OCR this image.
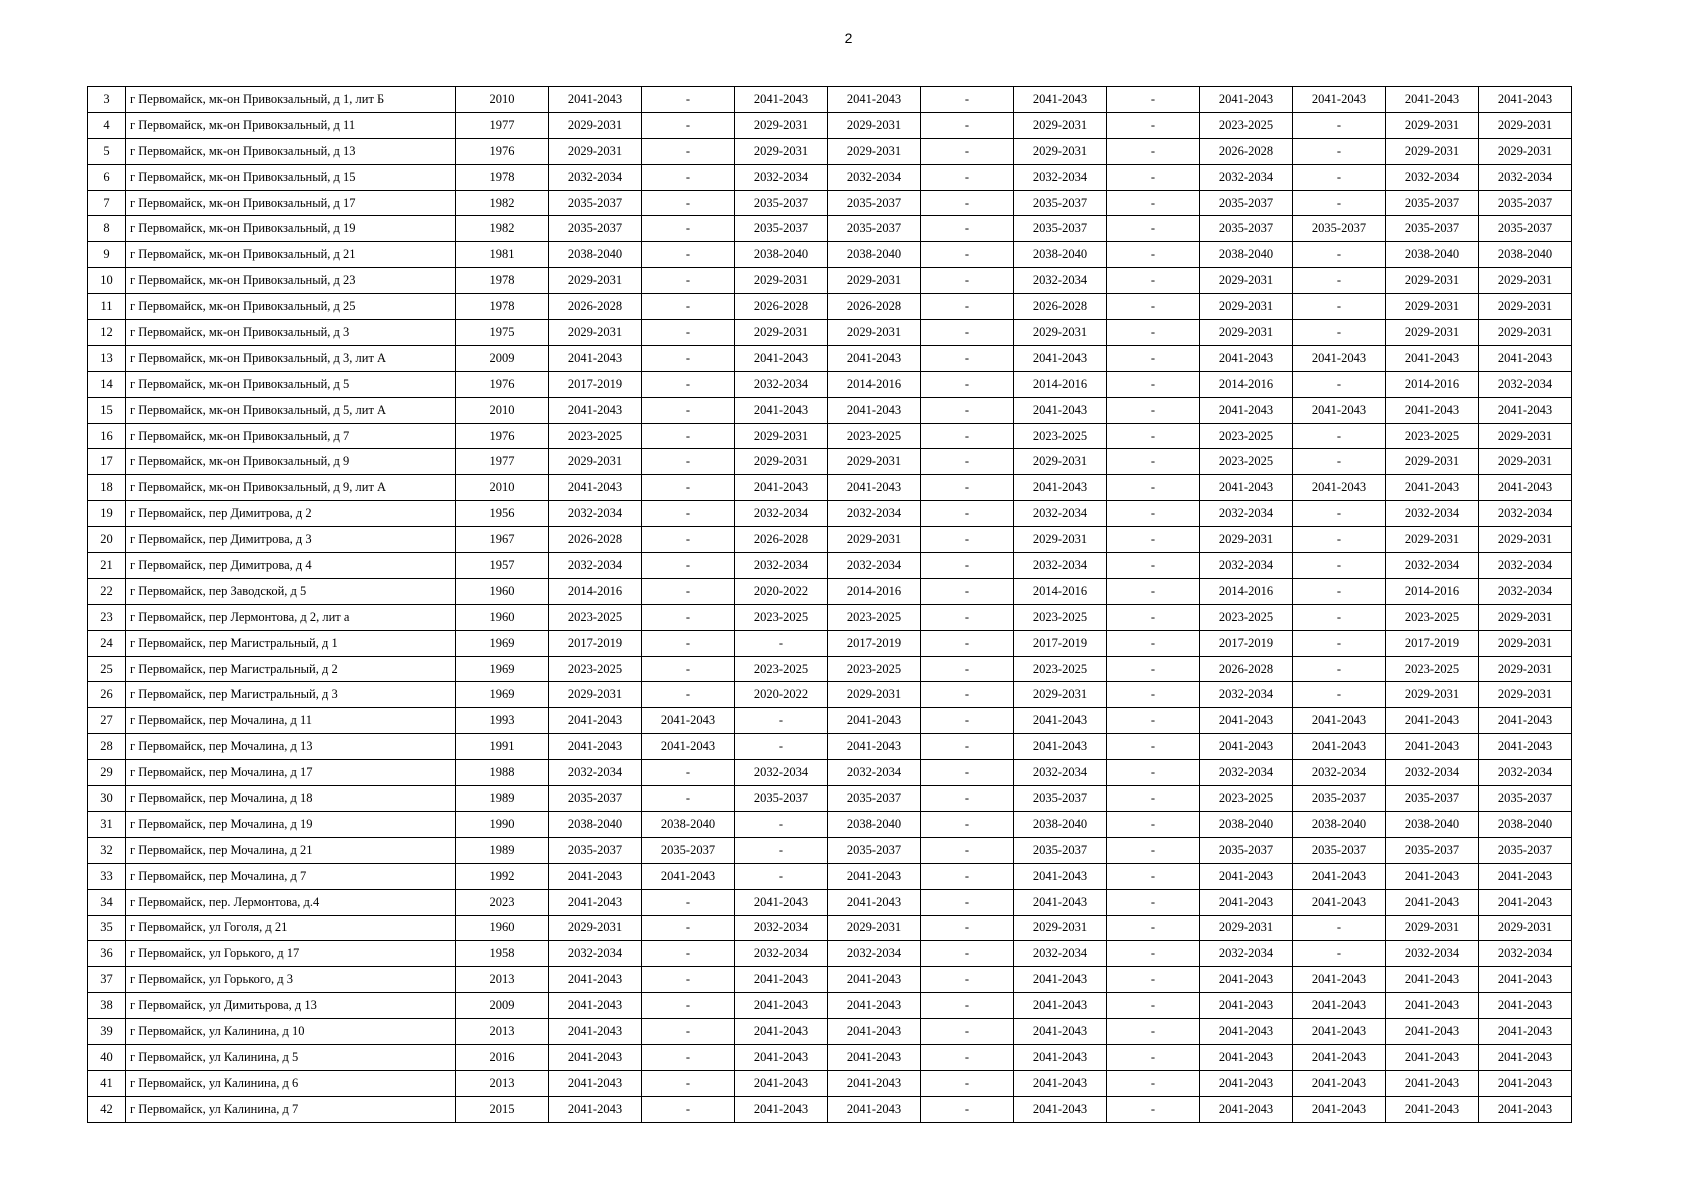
2
3	г Первомайск, мк-он Привокзальный, д 1, лит Б	2010	2041-2043	-	2041-2043	2041-2043	-	2041-2043	-	2041-2043	2041-2043	2041-2043	2041-2043
4	г Первомайск, мк-он Привокзальный, д 11	1977	2029-2031	-	2029-2031	2029-2031	-	2029-2031	-	2023-2025	-	2029-2031	2029-2031
5	г Первомайск, мк-он Привокзальный, д 13	1976	2029-2031	-	2029-2031	2029-2031	-	2029-2031	-	2026-2028	-	2029-2031	2029-2031
6	г Первомайск, мк-он Привокзальный, д 15	1978	2032-2034	-	2032-2034	2032-2034	-	2032-2034	-	2032-2034	-	2032-2034	2032-2034
7	г Первомайск, мк-он Привокзальный, д 17	1982	2035-2037	-	2035-2037	2035-2037	-	2035-2037	-	2035-2037	-	2035-2037	2035-2037
8	г Первомайск, мк-он Привокзальный, д 19	1982	2035-2037	-	2035-2037	2035-2037	-	2035-2037	-	2035-2037	2035-2037	2035-2037	2035-2037
9	г Первомайск, мк-он Привокзальный, д 21	1981	2038-2040	-	2038-2040	2038-2040	-	2038-2040	-	2038-2040	-	2038-2040	2038-2040
10	г Первомайск, мк-он Привокзальный, д 23	1978	2029-2031	-	2029-2031	2029-2031	-	2032-2034	-	2029-2031	-	2029-2031	2029-2031
11	г Первомайск, мк-он Привокзальный, д 25	1978	2026-2028	-	2026-2028	2026-2028	-	2026-2028	-	2029-2031	-	2029-2031	2029-2031
12	г Первомайск, мк-он Привокзальный, д 3	1975	2029-2031	-	2029-2031	2029-2031	-	2029-2031	-	2029-2031	-	2029-2031	2029-2031
13	г Первомайск, мк-он Привокзальный, д 3, лит А	2009	2041-2043	-	2041-2043	2041-2043	-	2041-2043	-	2041-2043	2041-2043	2041-2043	2041-2043
14	г Первомайск, мк-он Привокзальный, д 5	1976	2017-2019	-	2032-2034	2014-2016	-	2014-2016	-	2014-2016	-	2014-2016	2032-2034
15	г Первомайск, мк-он Привокзальный, д 5, лит А	2010	2041-2043	-	2041-2043	2041-2043	-	2041-2043	-	2041-2043	2041-2043	2041-2043	2041-2043
16	г Первомайск, мк-он Привокзальный, д 7	1976	2023-2025	-	2029-2031	2023-2025	-	2023-2025	-	2023-2025	-	2023-2025	2029-2031
17	г Первомайск, мк-он Привокзальный, д 9	1977	2029-2031	-	2029-2031	2029-2031	-	2029-2031	-	2023-2025	-	2029-2031	2029-2031
18	г Первомайск, мк-он Привокзальный, д 9, лит А	2010	2041-2043	-	2041-2043	2041-2043	-	2041-2043	-	2041-2043	2041-2043	2041-2043	2041-2043
19	г Первомайск, пер Димитрова, д 2	1956	2032-2034	-	2032-2034	2032-2034	-	2032-2034	-	2032-2034	-	2032-2034	2032-2034
20	г Первомайск, пер Димитрова, д 3	1967	2026-2028	-	2026-2028	2029-2031	-	2029-2031	-	2029-2031	-	2029-2031	2029-2031
21	г Первомайск, пер Димитрова, д 4	1957	2032-2034	-	2032-2034	2032-2034	-	2032-2034	-	2032-2034	-	2032-2034	2032-2034
22	г Первомайск, пер Заводской, д 5	1960	2014-2016	-	2020-2022	2014-2016	-	2014-2016	-	2014-2016	-	2014-2016	2032-2034
23	г Первомайск, пер Лермонтова, д 2, лит а	1960	2023-2025	-	2023-2025	2023-2025	-	2023-2025	-	2023-2025	-	2023-2025	2029-2031
24	г Первомайск, пер Магистральный, д 1	1969	2017-2019	-	-	2017-2019	-	2017-2019	-	2017-2019	-	2017-2019	2029-2031
25	г Первомайск, пер Магистральный, д 2	1969	2023-2025	-	2023-2025	2023-2025	-	2023-2025	-	2026-2028	-	2023-2025	2029-2031
26	г Первомайск, пер Магистральный, д 3	1969	2029-2031	-	2020-2022	2029-2031	-	2029-2031	-	2032-2034	-	2029-2031	2029-2031
27	г Первомайск, пер Мочалина, д 11	1993	2041-2043	2041-2043	-	2041-2043	-	2041-2043	-	2041-2043	2041-2043	2041-2043	2041-2043
28	г Первомайск, пер Мочалина, д 13	1991	2041-2043	2041-2043	-	2041-2043	-	2041-2043	-	2041-2043	2041-2043	2041-2043	2041-2043
29	г Первомайск, пер Мочалина, д 17	1988	2032-2034	-	2032-2034	2032-2034	-	2032-2034	-	2032-2034	2032-2034	2032-2034	2032-2034
30	г Первомайск, пер Мочалина, д 18	1989	2035-2037	-	2035-2037	2035-2037	-	2035-2037	-	2023-2025	2035-2037	2035-2037	2035-2037
31	г Первомайск, пер Мочалина, д 19	1990	2038-2040	2038-2040	-	2038-2040	-	2038-2040	-	2038-2040	2038-2040	2038-2040	2038-2040
32	г Первомайск, пер Мочалина, д 21	1989	2035-2037	2035-2037	-	2035-2037	-	2035-2037	-	2035-2037	2035-2037	2035-2037	2035-2037
33	г Первомайск, пер Мочалина, д 7	1992	2041-2043	2041-2043	-	2041-2043	-	2041-2043	-	2041-2043	2041-2043	2041-2043	2041-2043
34	г Первомайск, пер. Лермонтова, д.4	2023	2041-2043	-	2041-2043	2041-2043	-	2041-2043	-	2041-2043	2041-2043	2041-2043	2041-2043
35	г Первомайск, ул Гоголя, д 21	1960	2029-2031	-	2032-2034	2029-2031	-	2029-2031	-	2029-2031	-	2029-2031	2029-2031
36	г Первомайск, ул Горького, д 17	1958	2032-2034	-	2032-2034	2032-2034	-	2032-2034	-	2032-2034	-	2032-2034	2032-2034
37	г Первомайск, ул Горького, д 3	2013	2041-2043	-	2041-2043	2041-2043	-	2041-2043	-	2041-2043	2041-2043	2041-2043	2041-2043
38	г Первомайск, ул Димитьрова, д 13	2009	2041-2043	-	2041-2043	2041-2043	-	2041-2043	-	2041-2043	2041-2043	2041-2043	2041-2043
39	г Первомайск, ул Калинина, д 10	2013	2041-2043	-	2041-2043	2041-2043	-	2041-2043	-	2041-2043	2041-2043	2041-2043	2041-2043
40	г Первомайск, ул Калинина, д 5	2016	2041-2043	-	2041-2043	2041-2043	-	2041-2043	-	2041-2043	2041-2043	2041-2043	2041-2043
41	г Первомайск, ул Калинина, д 6	2013	2041-2043	-	2041-2043	2041-2043	-	2041-2043	-	2041-2043	2041-2043	2041-2043	2041-2043
42	г Первомайск, ул Калинина, д 7	2015	2041-2043	-	2041-2043	2041-2043	-	2041-2043	-	2041-2043	2041-2043	2041-2043	2041-2043
